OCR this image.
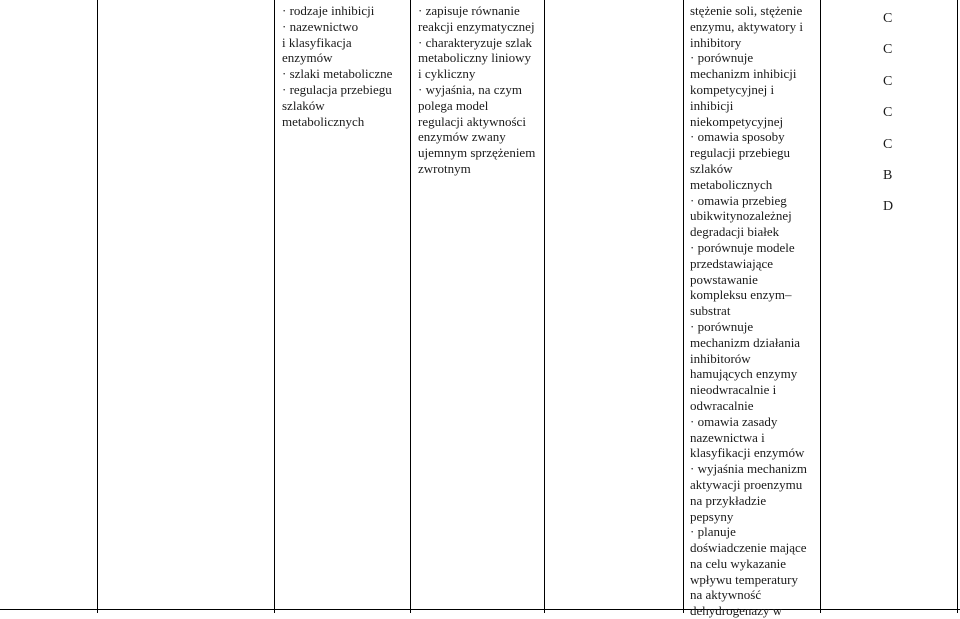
· rodzaje inhibicji
· nazewnictwo
i klasyfikacja
enzymów
· szlaki metaboliczne
· regulacja przebiegu
szlaków
metabolicznych
· zapisuje równanie
reakcji enzymatycznej
· charakteryzuje szlak
metaboliczny liniowy
i cykliczny
· wyjaśnia, na czym
polega model
regulacji aktywności
enzymów zwany
ujemnym sprzężeniem
zwrotnym
stężenie soli, stężenie
enzymu, aktywatory i
inhibitory
· porównuje
mechanizm inhibicji
kompetycyjnej i
inhibicji
niekompetycyjnej
· omawia sposoby
regulacji przebiegu
szlaków
metabolicznych
· omawia przebieg
ubikwitynozależnej
degradacji białek
· porównuje modele
przedstawiające
powstawanie
kompleksu enzym–
substrat
· porównuje
mechanizm działania
inhibitorów
hamujących enzymy
nieodwracalnie i
odwracalnie
· omawia zasady
nazewnictwa i
klasyfikacji enzymów
· wyjaśnia mechanizm
aktywacji proenzymu
na przykładzie
pepsyny
· planuje
doświadczenie mające
na celu wykazanie
wpływu temperatury
na aktywność
dehydrogenazy w
C
C
C
C
C
B
D
